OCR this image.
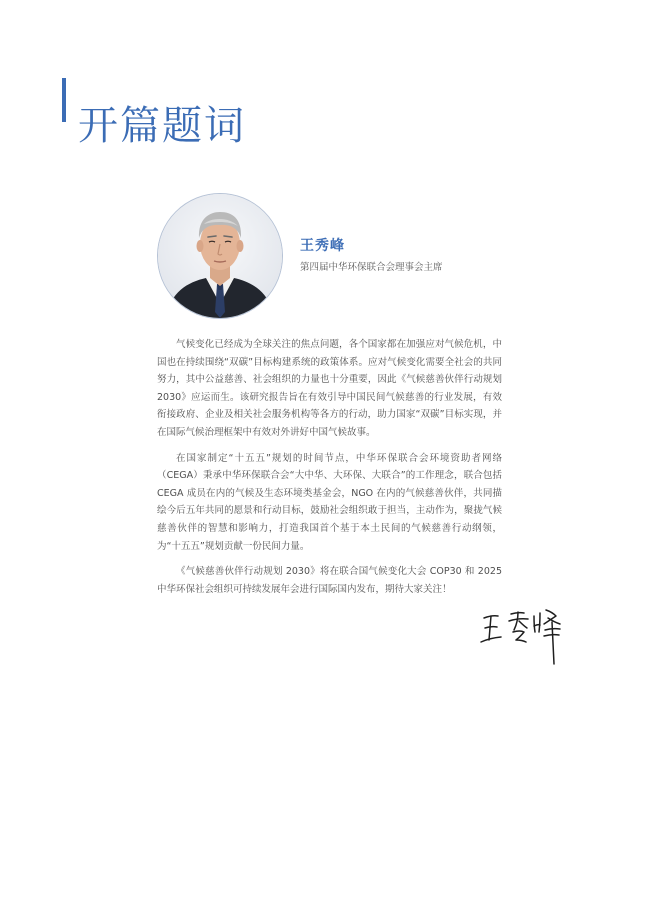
开篇题词
王秀峰
第四届中华环保联合会理事会主席

气候变化已经成为全球关注的焦点问题，各个国家都在加强应对气候危机，中国也在持续围绕“双碳”目标构建系统的政策体系。应对气候变化需要全社会的共同努力，其中公益慈善、社会组织的力量也十分重要，因此《气候慈善伙伴行动规划 2030》应运而生。该研究报告旨在有效引导中国民间气候慈善的行业发展，有效衔接政府、企业及相关社会服务机构等各方的行动，助力国家“双碳”目标实现，并在国际气候治理框架中有效对外讲好中国气候故事。

在国家制定“十五五”规划的时间节点，中华环保联合会环境资助者网络（CEGA）秉承中华环保联合会“大中华、大环保、大联合”的工作理念，联合包括 CEGA 成员在内的气候及生态环境类基金会，NGO 在内的气候慈善伙伴，共同描绘今后五年共同的愿景和行动目标，鼓励社会组织敢于担当，主动作为，聚拢气候慈善伙伴的智慧和影响力，打造我国首个基于本土民间的气候慈善行动纲领，为“十五五”规划贡献一份民间力量。

《气候慈善伙伴行动规划 2030》将在联合国气候变化大会 COP30 和 2025 中华环保社会组织可持续发展年会进行国际国内发布，期待大家关注！
